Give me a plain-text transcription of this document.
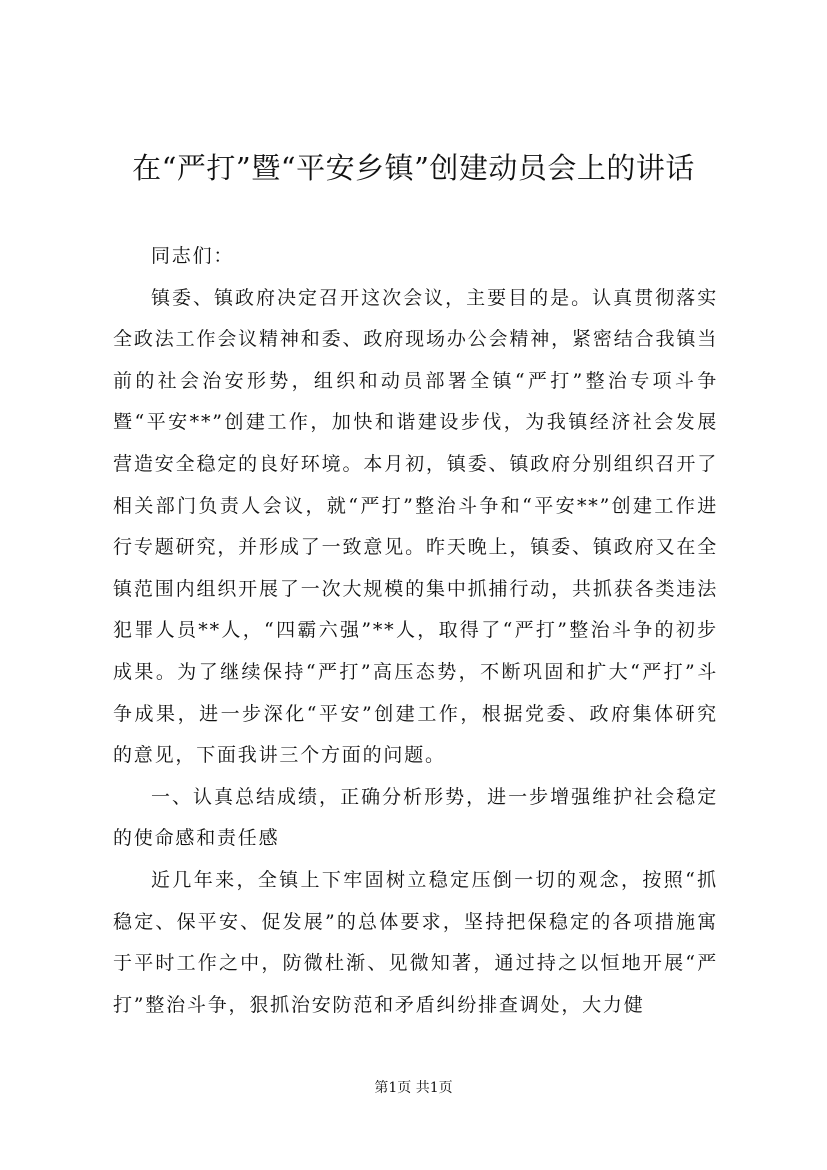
在“严打”暨“平安乡镇”创建动员会上的讲话

同志们：

镇委、镇政府决定召开这次会议，主要目的是。认真贯彻落实全政法工作会议精神和委、政府现场办公会精神，紧密结合我镇当前的社会治安形势，组织和动员部署全镇“严打”整治专项斗争暨“平安**”创建工作，加快和谐建设步伐，为我镇经济社会发展营造安全稳定的良好环境。本月初，镇委、镇政府分别组织召开了相关部门负责人会议，就“严打”整治斗争和“平安**”创建工作进行专题研究，并形成了一致意见。昨天晚上，镇委、镇政府又在全镇范围内组织开展了一次大规模的集中抓捕行动，共抓获各类违法犯罪人员**人，“四霸六强”**人，取得了“严打”整治斗争的初步成果。为了继续保持“严打”高压态势，不断巩固和扩大“严打”斗争成果，进一步深化“平安”创建工作，根据党委、政府集体研究的意见，下面我讲三个方面的问题。

一、认真总结成绩，正确分析形势，进一步增强维护社会稳定的使命感和责任感

近几年来，全镇上下牢固树立稳定压倒一切的观念，按照“抓稳定、保平安、促发展”的总体要求，坚持把保稳定的各项措施寓于平时工作之中，防微杜渐、见微知著，通过持之以恒地开展“严打”整治斗争，狠抓治安防范和矛盾纠纷排查调处，大力健

第1页 共1页
